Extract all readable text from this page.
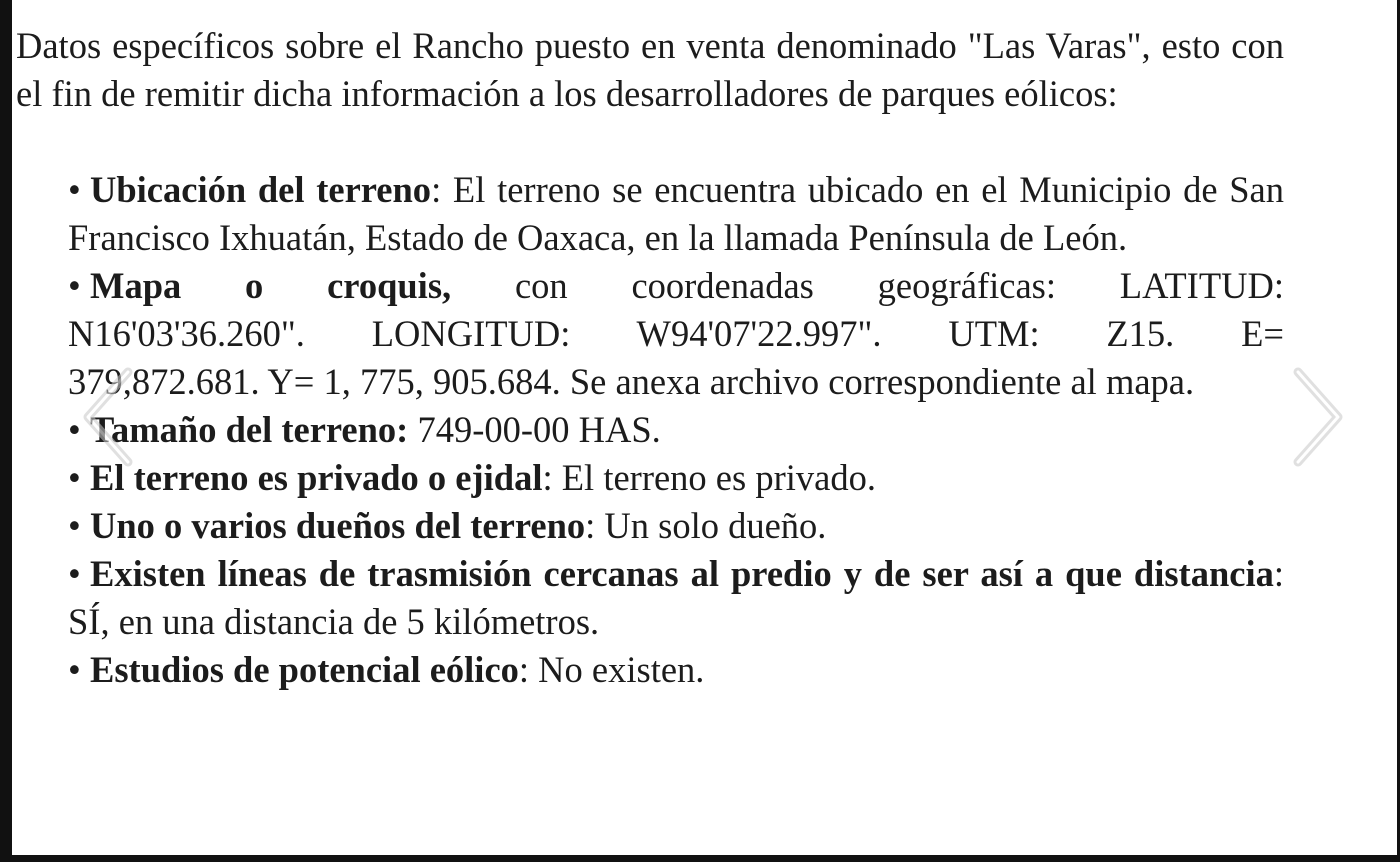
Datos específicos sobre el Rancho puesto en venta denominado "Las Varas", esto con el fin de remitir dicha información a los desarrolladores de parques eólicos:

• Ubicación del terreno: El terreno se encuentra ubicado en el Municipio de San Francisco Ixhuatán, Estado de Oaxaca, en la llamada Península de León.
• Mapa o croquis, con coordenadas geográficas: LATITUD:
N16'03'36.260". LONGITUD: W94'07'22.997". UTM: Z15. E=
379,872.681. Y= 1, 775, 905.684. Se anexa archivo correspondiente al mapa.
• Tamaño del terreno: 749-00-00 HAS.
• El terreno es privado o ejidal: El terreno es privado.
• Uno o varios dueños del terreno: Un solo dueño.
• Existen líneas de trasmisión cercanas al predio y de ser así a que distancia: SÍ, en una distancia de 5 kilómetros.
• Estudios de potencial eólico: No existen.
